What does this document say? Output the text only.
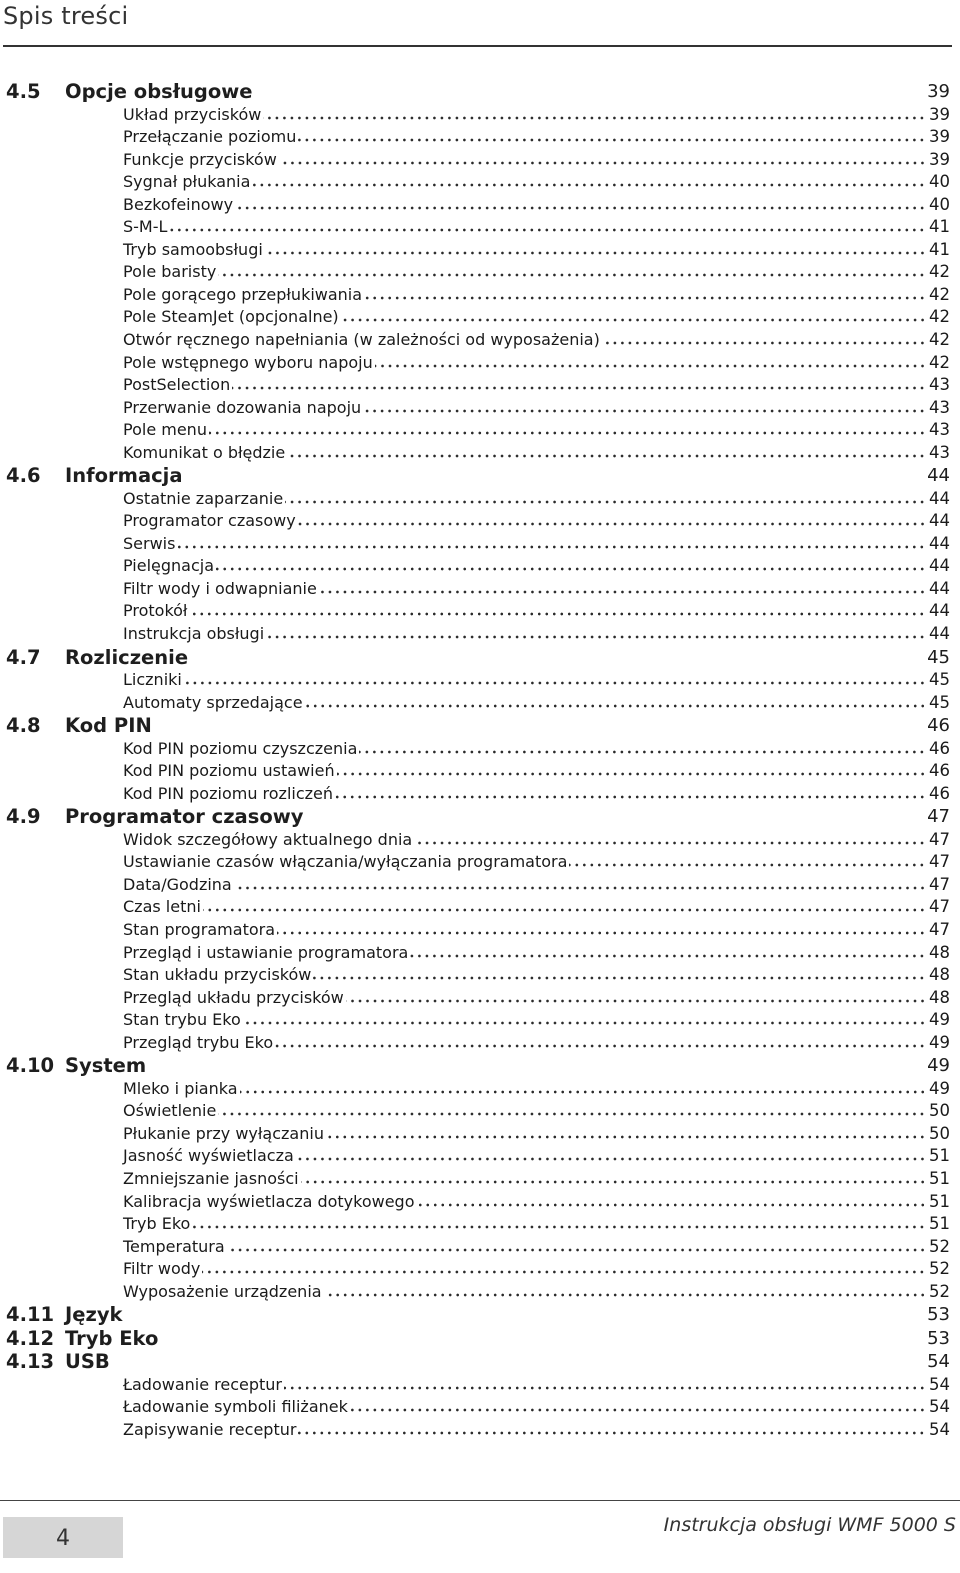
Spis treści
4.5 Opcje obsługowe	39
Układ przycisków	39
Przełączanie poziomu	39
Funkcje przycisków	39
Sygnał płukania	40
Bezkofeinowy	40
S-M-L	41
Tryb samoobsługi	41
Pole baristy	42
Pole gorącego przepłukiwania	42
Pole SteamJet (opcjonalne)	42
Otwór ręcznego napełniania (w zależności od wyposażenia)	42
Pole wstępnego wyboru napoju	42
PostSelection	43
Przerwanie dozowania napoju	43
Pole menu	43
Komunikat o błędzie	43
4.6 Informacja	44
Ostatnie zaparzanie	44
Programator czasowy	44
Serwis	44
Pielęgnacja	44
Filtr wody i odwapnianie	44
Protokół	44
Instrukcja obsługi	44
4.7 Rozliczenie	45
Liczniki	45
Automaty sprzedające	45
4.8 Kod PIN	46
Kod PIN poziomu czyszczenia	46
Kod PIN poziomu ustawień	46
Kod PIN poziomu rozliczeń	46
4.9 Programator czasowy	47
Widok szczegółowy aktualnego dnia	47
Ustawianie czasów włączania/wyłączania programatora	47
Data/Godzina	47
Czas letni	47
Stan programatora	47
Przegląd i ustawianie programatora	48
Stan układu przycisków	48
Przegląd układu przycisków	48
Stan trybu Eko	49
Przegląd trybu Eko	49
4.10 System	49
Mleko i pianka	49
Oświetlenie	50
Płukanie przy wyłączaniu	50
Jasność wyświetlacza	51
Zmniejszanie jasności	51
Kalibracja wyświetlacza dotykowego	51
Tryb Eko	51
Temperatura	52
Filtr wody	52
Wyposażenie urządzenia	52
4.11 Język	53
4.12 Tryb Eko	53
4.13 USB	54
Ładowanie receptur	54
Ładowanie symboli filiżanek	54
Zapisywanie receptur	54
4
Instrukcja obsługi WMF 5000 S
